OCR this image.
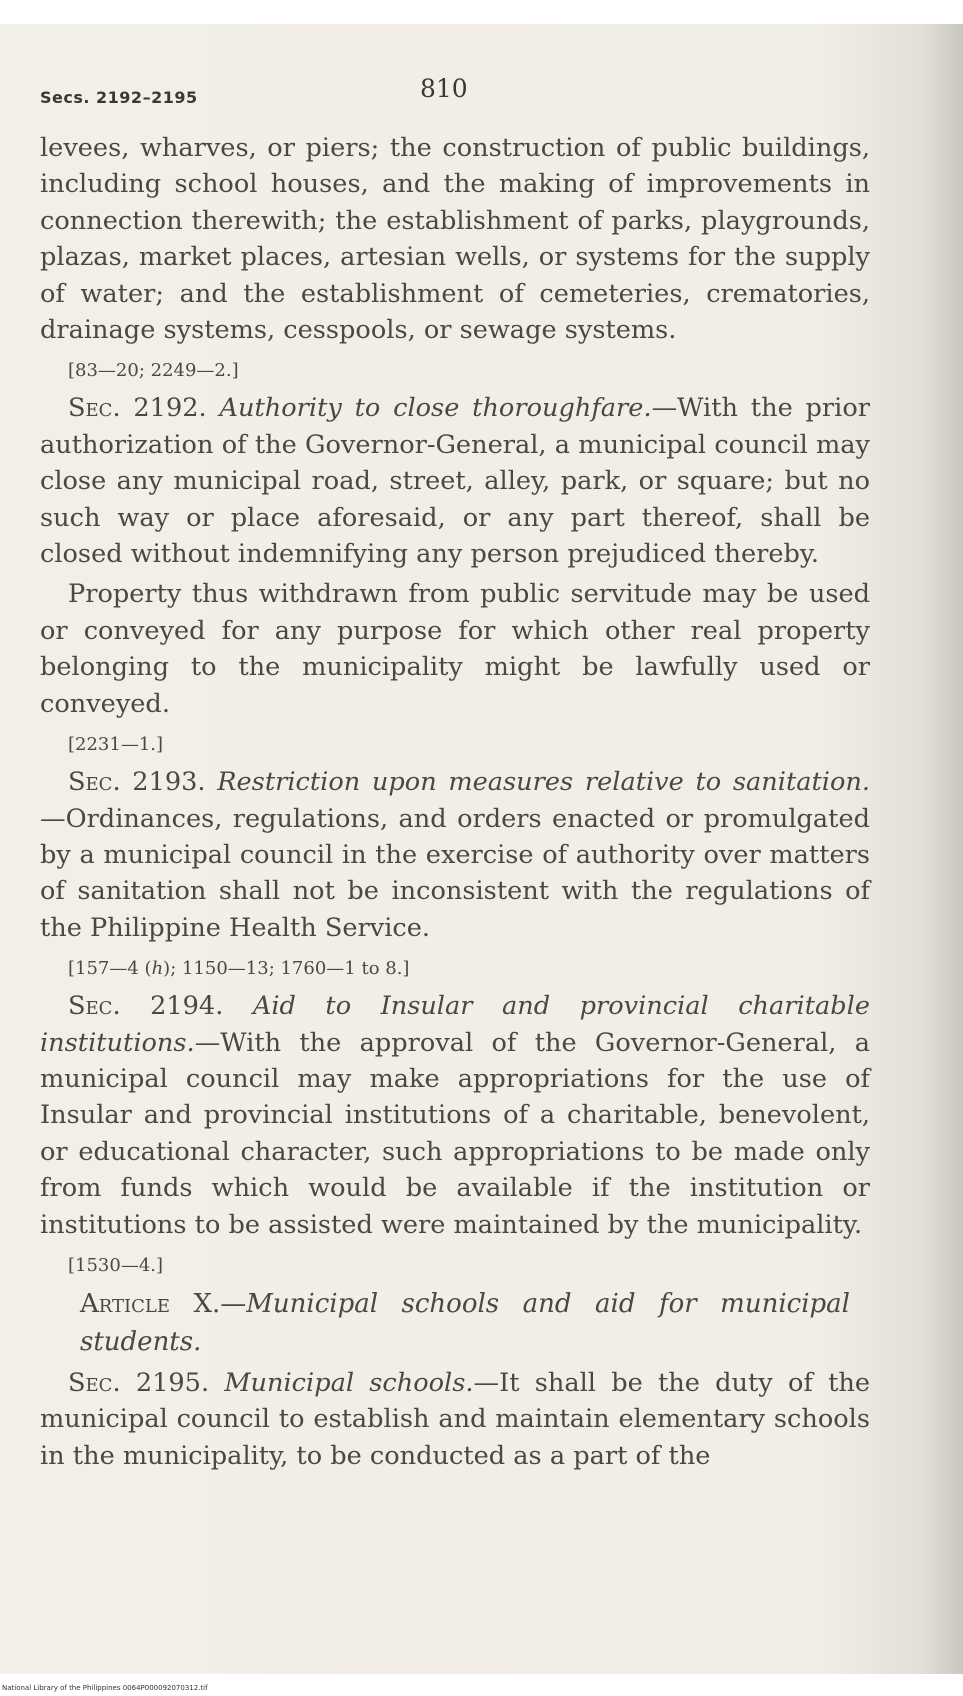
Secs. 2192–2195	810

levees, wharves, or piers; the construction of public buildings, including school houses, and the making of improvements in connection therewith; the establishment of parks, playgrounds, plazas, market places, artesian wells, or systems for the supply of water; and the establishment of cemeteries, crematories, drainage systems, cesspools, or sewage systems.

[83—20; 2249—2.]

Sec. 2192. Authority to close thoroughfare.—With the prior authorization of the Governor-General, a municipal council may close any municipal road, street, alley, park, or square; but no such way or place aforesaid, or any part thereof, shall be closed without indemnifying any person prejudiced thereby.

Property thus withdrawn from public servitude may be used or conveyed for any purpose for which other real property belonging to the municipality might be lawfully used or conveyed.

[2231—1.]

Sec. 2193. Restriction upon measures relative to sanitation.—Ordinances, regulations, and orders enacted or promulgated by a municipal council in the exercise of authority over matters of sanitation shall not be inconsistent with the regulations of the Philippine Health Service.

[157—4 (h); 1150—13; 1760—1 to 8.]

Sec. 2194. Aid to Insular and provincial charitable institutions.—With the approval of the Governor-General, a municipal council may make appropriations for the use of Insular and provincial institutions of a charitable, benevolent, or educational character, such appropriations to be made only from funds which would be available if the institution or institutions to be assisted were maintained by the municipality.

[1530—4.]

Article X.—Municipal schools and aid for municipal students.

Sec. 2195. Municipal schools.—It shall be the duty of the municipal council to establish and maintain elementary schools in the municipality, to be conducted as a part of the

National Library of the Philippines 0064P000092070312.tif
